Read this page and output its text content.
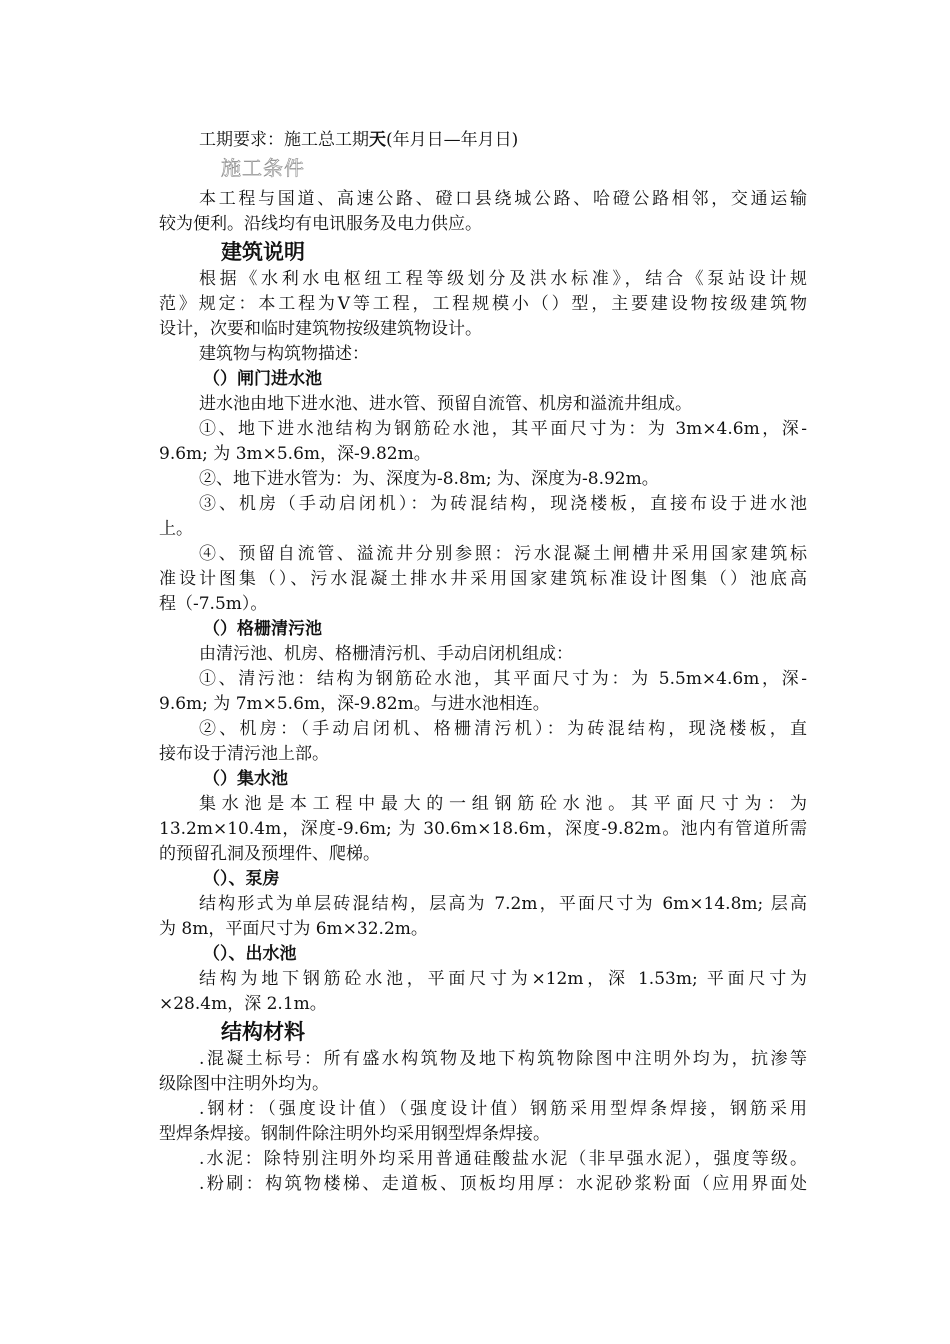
工期要求：施工总工期天(年月日—年月日)
施工条件
本工程与国道、高速公路、磴口县绕城公路、哈磴公路相邻，交通运输
较为便利。沿线均有电讯服务及电力供应。
建筑说明
根据《水利水电枢纽工程等级划分及洪水标准》，结合《泵站设计规
范》规定：本工程为Ⅴ等工程，工程规模小（）型，主要建设物按级建筑物
设计，次要和临时建筑物按级建筑物设计。
建筑物与构筑物描述：
（）闸门进水池
进水池由地下进水池、进水管、预留自流管、机房和溢流井组成。
①、地下进水池结构为钢筋砼水池，其平面尺寸为：为 3m×4.6m，深-
9.6m; 为 3m×5.6m，深-9.82m。
②、地下进水管为：为、深度为-8.8m; 为、深度为-8.92m。
③、机房（手动启闭机）：为砖混结构，现浇楼板，直接布设于进水池
上。
④、预留自流管、溢流井分别参照：污水混凝土闸槽井采用国家建筑标
准设计图集（）、污水混凝土排水井采用国家建筑标准设计图集（）池底高
程（-7.5m）。
（）格栅清污池
由清污池、机房、格栅清污机、手动启闭机组成：
①、清污池：结构为钢筋砼水池，其平面尺寸为：为 5.5m×4.6m，深-
9.6m; 为 7m×5.6m，深-9.82m。与进水池相连。
②、机房：（手动启闭机、格栅清污机）：为砖混结构，现浇楼板，直
接布设于清污池上部。
（）集水池
集水池是本工程中最大的一组钢筋砼水池。其平面尺寸为：为
13.2m×10.4m，深度-9.6m; 为 30.6m×18.6m，深度-9.82m。池内有管道所需
的预留孔洞及预埋件、爬梯。
（）、泵房
结构形式为单层砖混结构，层高为 7.2m，平面尺寸为 6m×14.8m; 层高
为 8m，平面尺寸为 6m×32.2m。
（）、出水池
结构为地下钢筋砼水池，平面尺寸为×12m，深 1.53m; 平面尺寸为
×28.4m，深 2.1m。
结构材料
.混凝土标号：所有盛水构筑物及地下构筑物除图中注明外均为，抗渗等
级除图中注明外均为。
.钢材：（强度设计值）（强度设计值）钢筋采用型焊条焊接，钢筋采用
型焊条焊接。钢制件除注明外均采用钢型焊条焊接。
.水泥：除特别注明外均采用普通硅酸盐水泥（非早强水泥），强度等级。
.粉刷：构筑物楼梯、走道板、顶板均用厚：水泥砂浆粉面（应用界面处
